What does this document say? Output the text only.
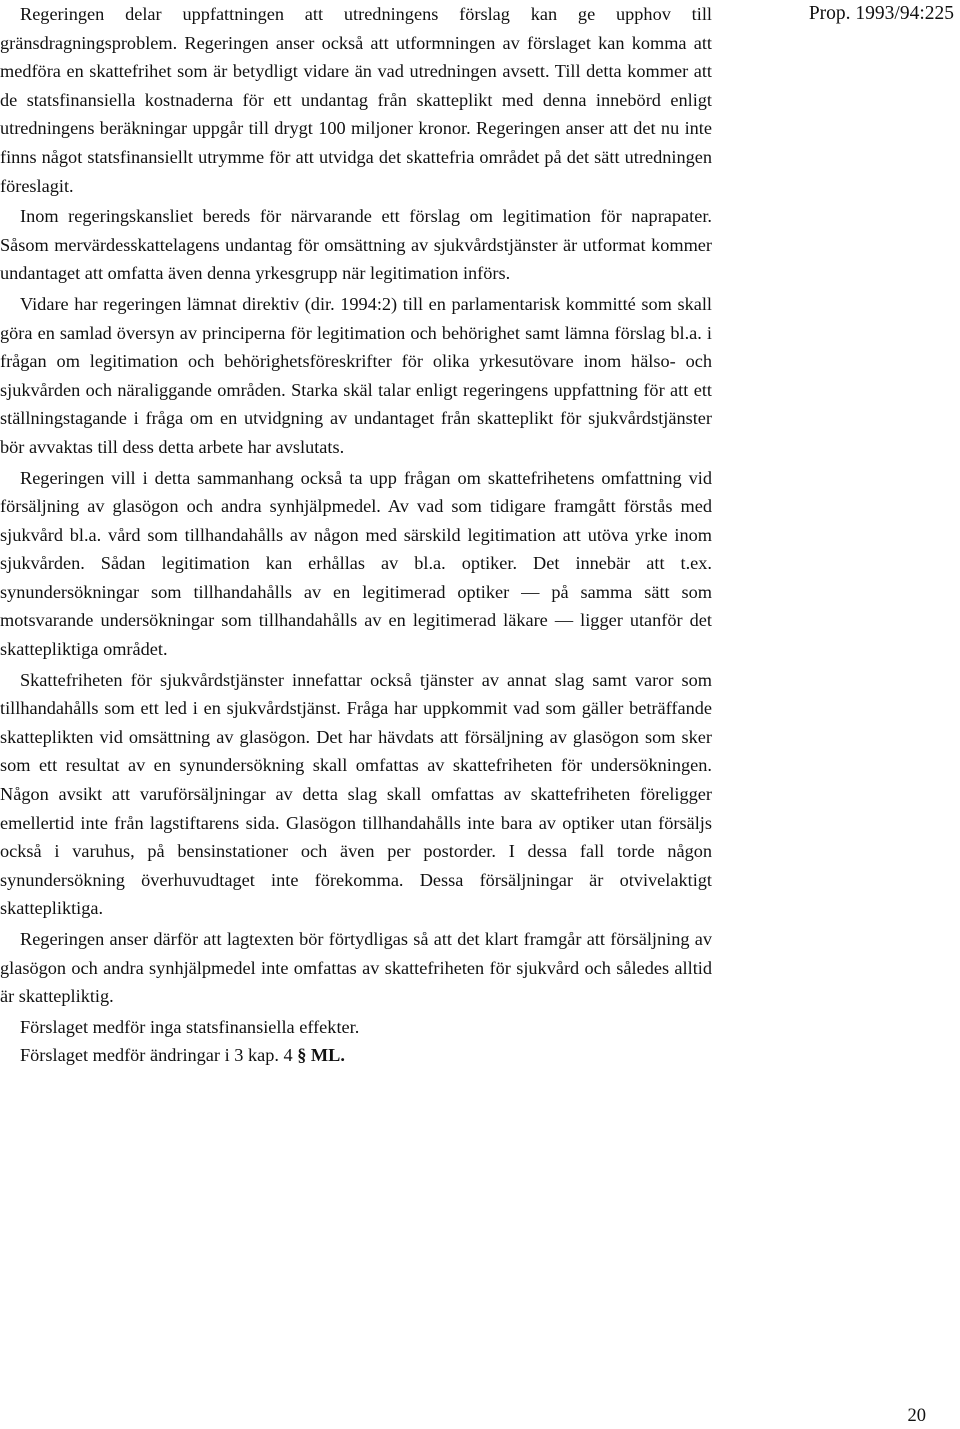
Prop. 1993/94:225

Regeringen delar uppfattningen att utredningens förslag kan ge upphov till gränsdragningsproblem. Regeringen anser också att utformningen av förslaget kan komma att medföra en skattefrihet som är betydligt vidare än vad utredningen avsett. Till detta kommer att de statsfinansiella kostnaderna för ett undantag från skatteplikt med denna innebörd enligt utredningens beräkningar uppgår till drygt 100 miljoner kronor. Regeringen anser att det nu inte finns något statsfinansiellt utrymme för att utvidga det skattefria området på det sätt utredningen föreslagit.

Inom regeringskansliet bereds för närvarande ett förslag om legitimation för naprapater. Såsom mervärdesskattelagens undantag för omsättning av sjukvårdstjänster är utformat kommer undantaget att omfatta även denna yrkesgrupp när legitimation införs.

Vidare har regeringen lämnat direktiv (dir. 1994:2) till en parlamentarisk kommitté som skall göra en samlad översyn av principerna för legitimation och behörighet samt lämna förslag bl.a. i frågan om legitimation och behörighetsföreskrifter för olika yrkesutövare inom hälso- och sjukvården och näraliggande områden. Starka skäl talar enligt regeringens uppfattning för att ett ställningstagande i fråga om en utvidgning av undantaget från skatteplikt för sjukvårdstjänster bör avvaktas till dess detta arbete har avslutats.

Regeringen vill i detta sammanhang också ta upp frågan om skattefrihetens omfattning vid försäljning av glasögon och andra synhjälpmedel. Av vad som tidigare framgått förstås med sjukvård bl.a. vård som tillhandahålls av någon med särskild legitimation att utöva yrke inom sjukvården. Sådan legitimation kan erhållas av bl.a. optiker. Det innebär att t.ex. synundersökningar som tillhandahålls av en legitimerad optiker — på samma sätt som motsvarande undersökningar som tillhandahålls av en legitimerad läkare — ligger utanför det skattepliktiga området.

Skattefriheten för sjukvårdstjänster innefattar också tjänster av annat slag samt varor som tillhandahålls som ett led i en sjukvårdstjänst. Fråga har uppkommit vad som gäller beträffande skatteplikten vid omsättning av glasögon. Det har hävdats att försäljning av glasögon som sker som ett resultat av en synundersökning skall omfattas av skattefriheten för undersökningen. Någon avsikt att varuförsäljningar av detta slag skall omfattas av skattefriheten föreligger emellertid inte från lagstiftarens sida. Glasögon tillhandahålls inte bara av optiker utan försäljs också i varuhus, på bensinstationer och även per postorder. I dessa fall torde någon synundersökning överhuvudtaget inte förekomma. Dessa försäljningar är otvivelaktigt skattepliktiga.

Regeringen anser därför att lagtexten bör förtydligas så att det klart framgår att försäljning av glasögon och andra synhjälpmedel inte omfattas av skattefriheten för sjukvård och således alltid är skattepliktig.

Förslaget medför inga statsfinansiella effekter.

Förslaget medför ändringar i 3 kap. 4 § ML.

20
